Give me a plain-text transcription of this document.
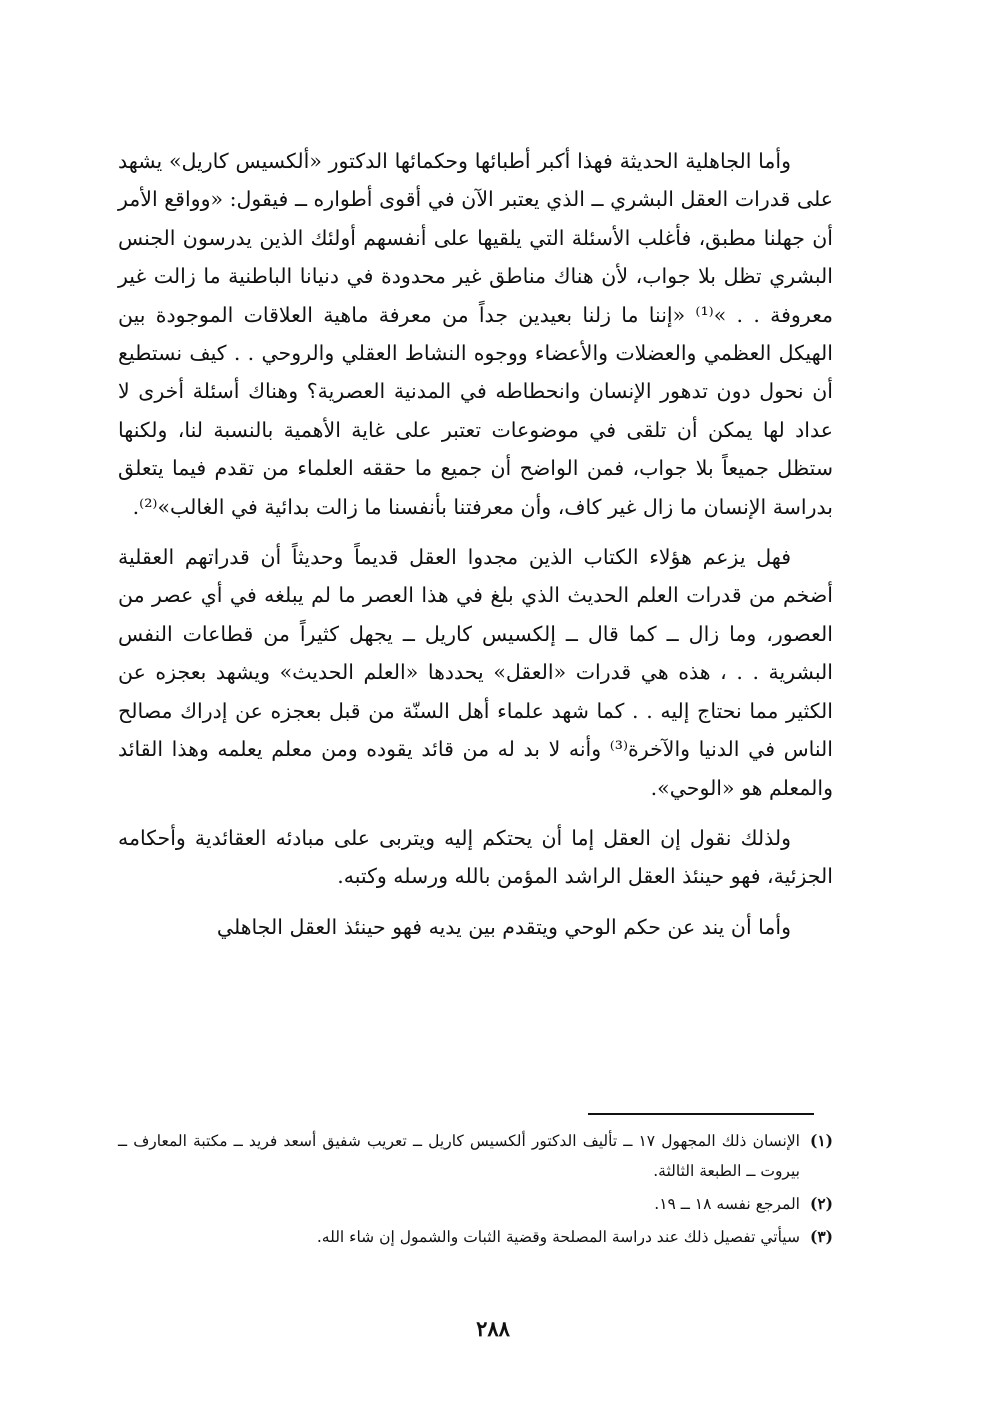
وأما الجاهلية الحديثة فهذا أكبر أطبائها وحكمائها الدكتور «ألكسيس كاريل» يشهد على قدرات العقل البشري ــ الذي يعتبر الآن في أقوى أطواره ــ فيقول: «وواقع الأمر أن جهلنا مطبق، فأغلب الأسئلة التي يلقيها على أنفسهم أولئك الذين يدرسون الجنس البشري تظل بلا جواب، لأن هناك مناطق غير محدودة في دنيانا الباطنية ما زالت غير معروفة . . »⁽¹⁾ «إننا ما زلنا بعيدين جداً من معرفة ماهية العلاقات الموجودة بين الهيكل العظمي والعضلات والأعضاء ووجوه النشاط العقلي والروحي . . كيف نستطيع أن نحول دون تدهور الإنسان وانحطاطه في المدنية العصرية؟ وهناك أسئلة أخرى لا عداد لها يمكن أن تلقى في موضوعات تعتبر على غاية الأهمية بالنسبة لنا، ولكنها ستظل جميعاً بلا جواب، فمن الواضح أن جميع ما حققه العلماء من تقدم فيما يتعلق بدراسة الإنسان ما زال غير كاف، وأن معرفتنا بأنفسنا ما زالت بدائية في الغالب»⁽²⁾.

فهل يزعم هؤلاء الكتاب الذين مجدوا العقل قديماً وحديثاً أن قدراتهم العقلية أضخم من قدرات العلم الحديث الذي بلغ في هذا العصر ما لم يبلغه في أي عصر من العصور، وما زال ــ كما قال ــ إلكسيس كاريل ــ يجهل كثيراً من قطاعات النفس البشرية . . ، هذه هي قدرات «العقل» يحددها «العلم الحديث» ويشهد بعجزه عن الكثير مما نحتاج إليه . . كما شهد علماء أهل السنّة من قبل بعجزه عن إدراك مصالح الناس في الدنيا والآخرة⁽³⁾ وأنه لا بد له من قائد يقوده ومن معلم يعلمه وهذا القائد والمعلم هو «الوحي».

ولذلك نقول إن العقل إما أن يحتكم إليه ويتربى على مبادئه العقائدية وأحكامه الجزئية، فهو حينئذ العقل الراشد المؤمن بالله ورسله وكتبه.

وأما أن يند عن حكم الوحي ويتقدم بين يديه فهو حينئذ العقل الجاهلي

(١)
الإنسان ذلك المجهول ١٧ ــ تأليف الدكتور ألكسيس كاريل ــ تعريب شفيق أسعد فريد ــ مكتبة المعارف ــ بيروت ــ الطبعة الثالثة.
(٢)
المرجع نفسه ١٨ ــ ١٩.
(٣)
سيأتي تفصيل ذلك عند دراسة المصلحة وقضية الثبات والشمول إن شاء الله.
٢٨٨
